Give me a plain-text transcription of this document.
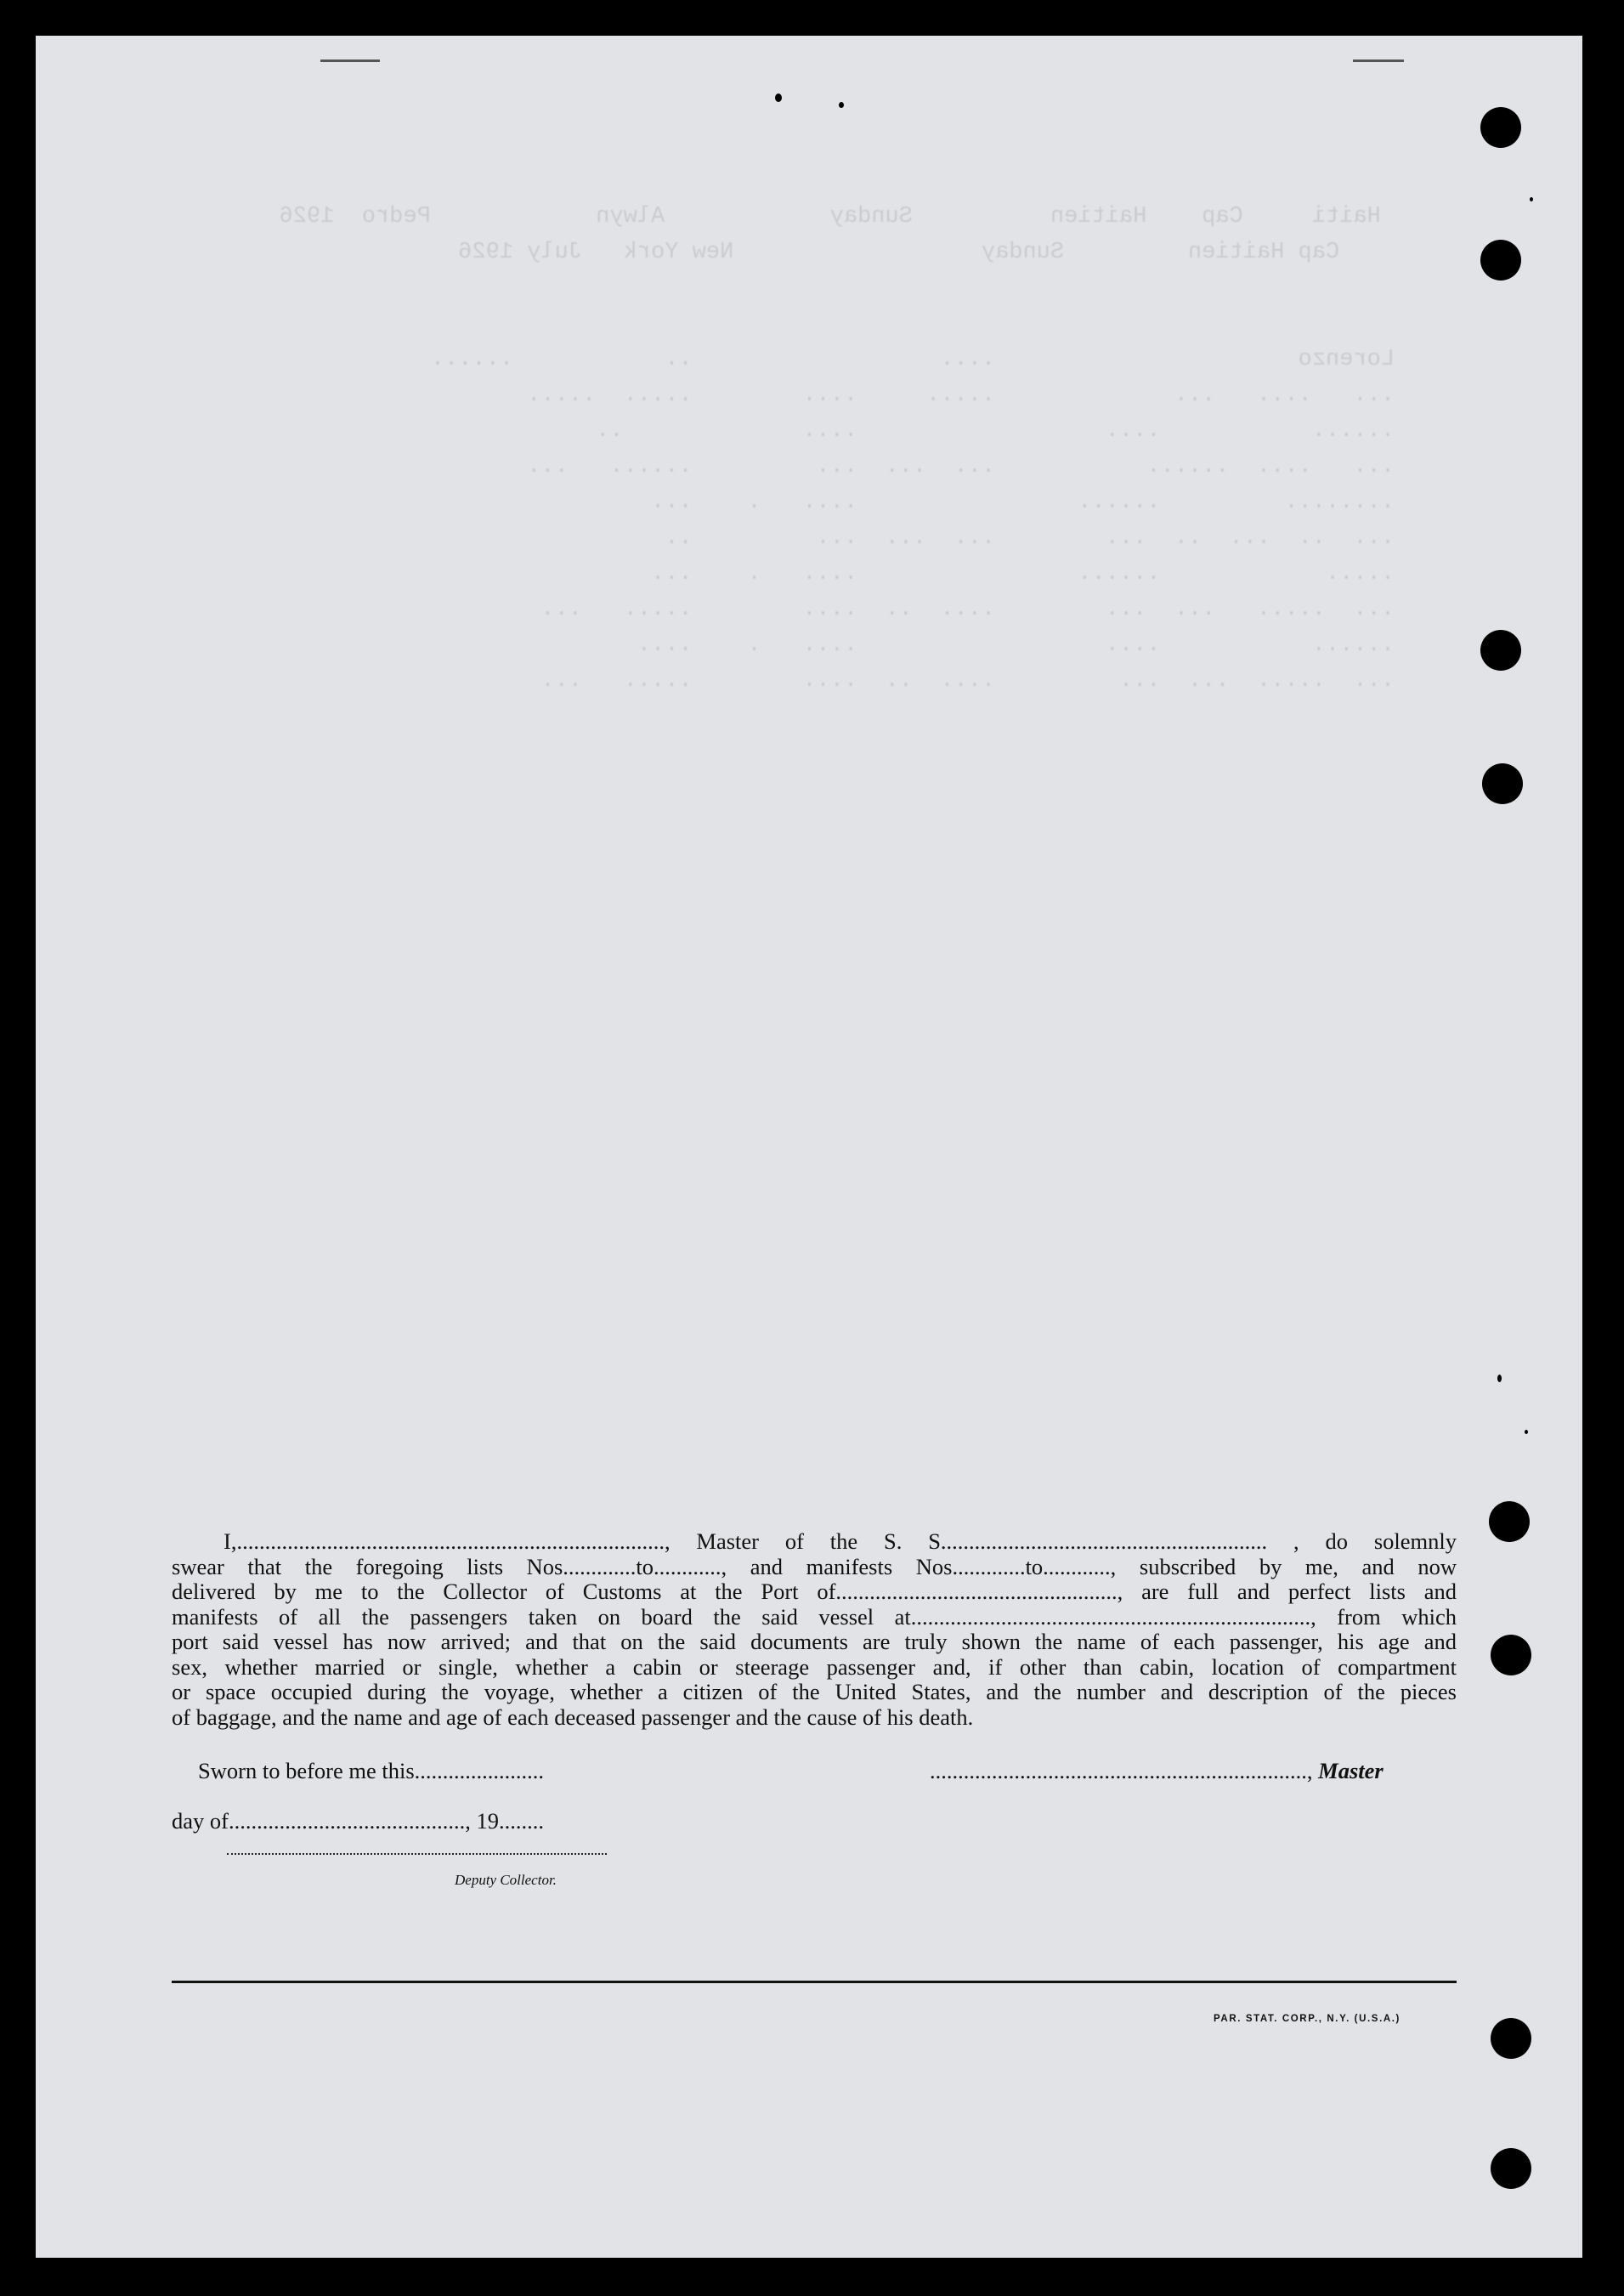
Haiti     Cap    Haitien          Sunday            Alwyn            Pedro  1926
Cap Haitien         Sunday                  New York   July 1926

Lorenzo                      ....                  ..           ......
...   ....   ...             .....     ....        .....  .....
......           ....                  ....             ..
...   ....  ......           ...  ...  ...         ......   ...
........         ......                ....   .    ...
...  ..  ...  ..  ...        ...  ...  ...         ..
.....            ......                ....   .    ...
...  .....   ...  ...        ....  ..  ....        .....   ...
......           ....                  ....   .    ....
...  .....  ...  ...         ....  ..  ....        .....   ...

I,............................................................................, Master of the S. S.......................................................... , do solemnly
swear that the foregoing lists Nos.............to............, and manifests Nos.............to............, subscribed by me, and now
delivered by me to the Collector of Customs at the Port of.................................................., are full and perfect lists and
manifests of all the passengers taken on board the said vessel at......................................................................., from which
port said vessel has now arrived; and that on the said documents are truly shown the name of each passenger, his age and
sex, whether married or single, whether a cabin or steerage passenger and, if other than cabin, location of compartment
or space occupied during the voyage, whether a citizen of the United States, and the number and description of the pieces
of baggage, and the name and age of each deceased passenger and the cause of his death.
Sworn to before me this.......................	..................................................................., Master
day of.........................................., 19........
Deputy Collector.
PAR. STAT. CORP., N.Y. (U.S.A.)
